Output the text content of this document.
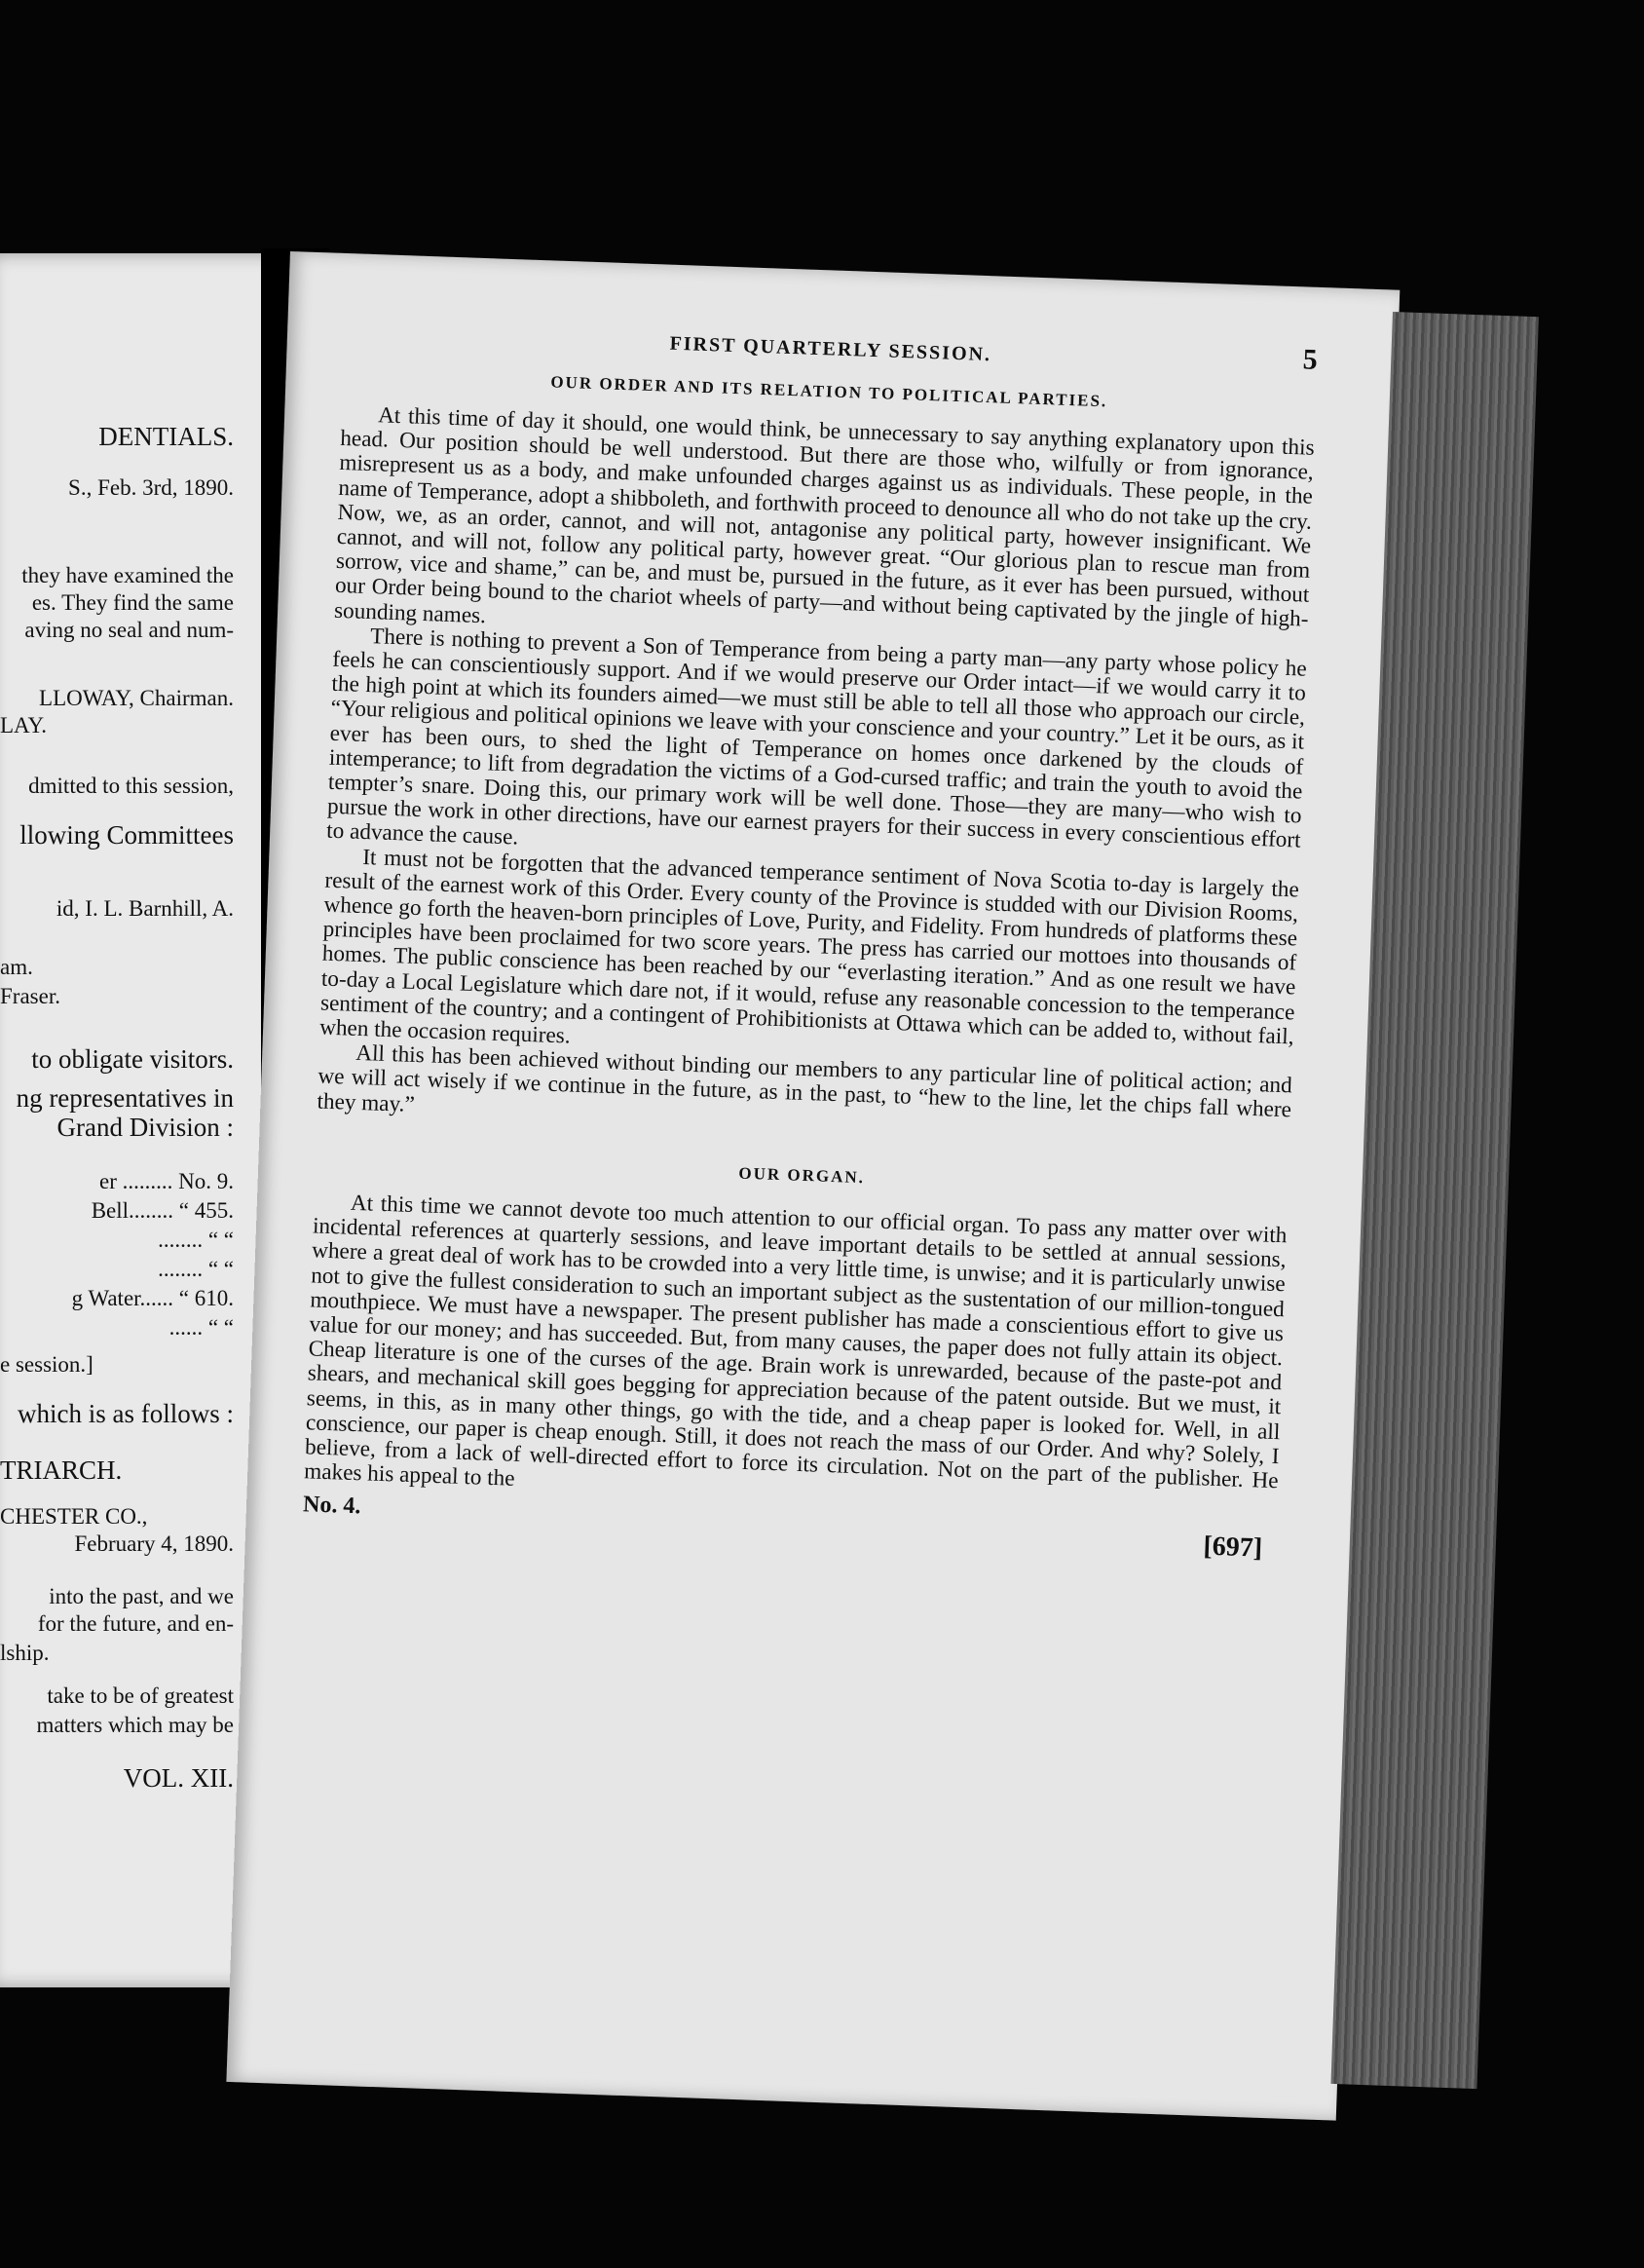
DENTIALS.
S., Feb. 3rd, 1890.
they have examined the
es. They find the same
aving no seal and num-
LLOWAY, Chairman.
LAY.
dmitted to this session,
llowing Committees
id, I. L. Barnhill, A.
am.
Fraser.
to obligate visitors.
ng representatives in
Grand Division :
er ......... No. 9.
Bell........ “ 455.
........ “ “
........ “ “
g Water...... “ 610.
...... “ “
e session.]
which is as follows :
TRIARCH.
CHESTER CO.,
February 4, 1890.
into the past, and we
for the future, and en-
lship.
take to be of greatest
matters which may be
VOL. XII.
FIRST QUARTERLY SESSION.	5
OUR ORDER AND ITS RELATION TO POLITICAL PARTIES.

At this time of day it should, one would think, be unnecessary to say anything explanatory upon this head. Our position should be well understood. But there are those who, wilfully or from ignorance, misrepresent us as a body, and make unfounded charges against us as individuals. These people, in the name of Temperance, adopt a shibboleth, and forthwith proceed to denounce all who do not take up the cry. Now, we, as an order, cannot, and will not, antagonise any political party, however insignificant. We cannot, and will not, follow any political party, however great. “Our glorious plan to rescue man from sorrow, vice and shame,” can be, and must be, pursued in the future, as it ever has been pursued, without our Order being bound to the chariot wheels of party—and without being captivated by the jingle of high-sounding names.

There is nothing to prevent a Son of Temperance from being a party man—any party whose policy he feels he can conscientiously support. And if we would preserve our Order intact—if we would carry it to the high point at which its founders aimed—we must still be able to tell all those who approach our circle, “Your religious and political opinions we leave with your conscience and your country.” Let it be ours, as it ever has been ours, to shed the light of Temperance on homes once darkened by the clouds of intemperance; to lift from degradation the victims of a God-cursed traffic; and train the youth to avoid the tempter’s snare. Doing this, our primary work will be well done. Those—they are many—who wish to pursue the work in other directions, have our earnest prayers for their success in every conscientious effort to advance the cause.

It must not be forgotten that the advanced temperance sentiment of Nova Scotia to-day is largely the result of the earnest work of this Order. Every county of the Province is studded with our Division Rooms, whence go forth the heaven-born principles of Love, Purity, and Fidelity. From hundreds of platforms these principles have been proclaimed for two score years. The press has carried our mottoes into thousands of homes. The public conscience has been reached by our “everlasting iteration.” And as one result we have to-day a Local Legislature which dare not, if it would, refuse any reasonable concession to the temperance sentiment of the country; and a contingent of Prohibitionists at Ottawa which can be added to, without fail, when the occasion requires.

All this has been achieved without binding our members to any particular line of political action; and we will act wisely if we continue in the future, as in the past, to “hew to the line, let the chips fall where they may.”

OUR ORGAN.

At this time we cannot devote too much attention to our official organ. To pass any matter over with incidental references at quarterly sessions, and leave important details to be settled at annual sessions, where a great deal of work has to be crowded into a very little time, is unwise; and it is particularly unwise not to give the fullest consideration to such an important subject as the sustentation of our million-tongued mouthpiece. We must have a newspaper. The present publisher has made a conscientious effort to give us value for our money; and has succeeded. But, from many causes, the paper does not fully attain its object. Cheap literature is one of the curses of the age. Brain work is unrewarded, because of the paste-pot and shears, and mechanical skill goes begging for appreciation because of the patent outside. But we must, it seems, in this, as in many other things, go with the tide, and a cheap paper is looked for. Well, in all conscience, our paper is cheap enough. Still, it does not reach the mass of our Order. And why? Solely, I believe, from a lack of well-directed effort to force its circulation. Not on the part of the publisher. He makes his appeal to the

No. 4.
[697]
